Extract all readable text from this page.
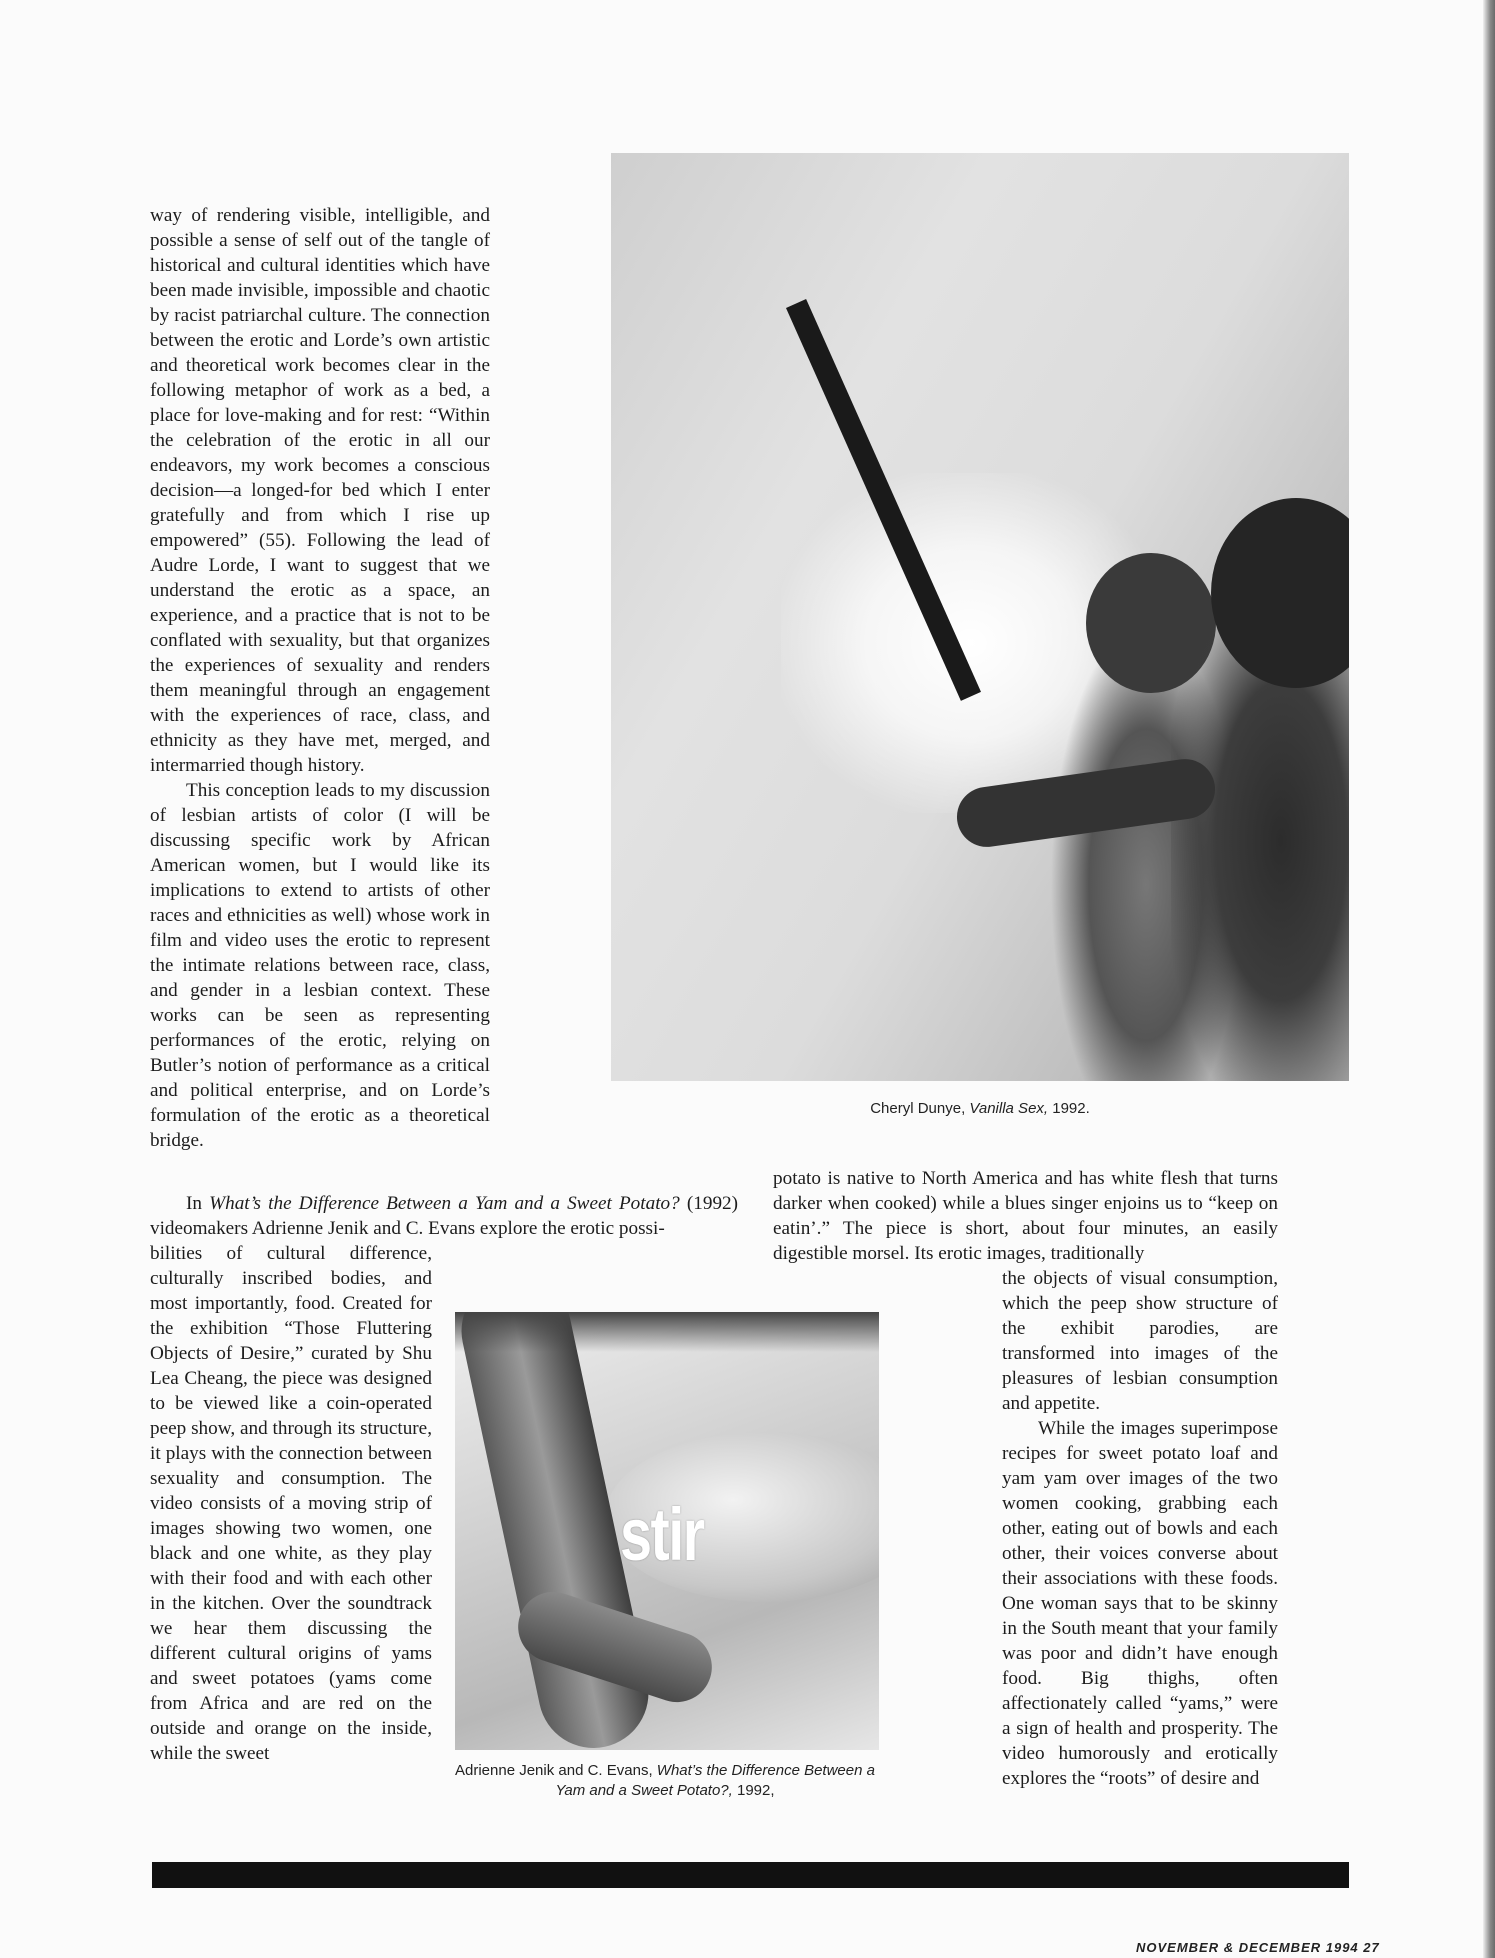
way of rendering visible, intelligible, and possible a sense of self out of the tangle of historical and cultural identities which have been made invisible, impossible and chaotic by racist patriarchal culture. The connection between the erotic and Lorde’s own artistic and theoretical work becomes clear in the following metaphor of work as a bed, a place for love-making and for rest: “Within the celebration of the erotic in all our endeavors, my work becomes a conscious decision—a longed-for bed which I enter gratefully and from which I rise up empowered” (55). Following the lead of Audre Lorde, I want to suggest that we understand the erotic as a space, an experience, and a practice that is not to be conflated with sexuality, but that organizes the experiences of sexuality and renders them meaningful through an engagement with the experiences of race, class, and ethnicity as they have met, merged, and intermarried though history.

This conception leads to my discussion of lesbian artists of color (I will be discussing specific work by African American women, but I would like its implications to extend to artists of other races and ethnicities as well) whose work in film and video uses the erotic to represent the intimate relations between race, class, and gender in a lesbian context. These works can be seen as representing performances of the erotic, relying on Butler’s notion of performance as a critical and political enterprise, and on Lorde’s formulation of the erotic as a theoretical bridge.

In What’s the Difference Between a Yam and a Sweet Potato? (1992) videomakers Adrienne Jenik and C. Evans explore the erotic possi-

bilities of cultural difference, culturally inscribed bodies, and most importantly, food. Created for the exhibition “Those Fluttering Objects of Desire,” curated by Shu Lea Cheang, the piece was designed to be viewed like a coin-operated peep show, and through its structure, it plays with the connection between sexuality and consumption. The video consists of a moving strip of images showing two women, one black and one white, as they play with their food and with each other in the kitchen. Over the soundtrack we hear them discussing the different cultural origins of yams and sweet potatoes (yams come from Africa and are red on the outside and orange on the inside, while the sweet

potato is native to North America and has white flesh that turns darker when cooked) while a blues singer enjoins us to “keep on eatin’.” The piece is short, about four minutes, an easily digestible morsel. Its erotic images, traditionally

the objects of visual consumption, which the peep show structure of the exhibit parodies, are transformed into images of the pleasures of lesbian consumption and appetite.

While the images superimpose recipes for sweet potato loaf and yam yam over images of the two women cooking, grabbing each other, eating out of bowls and each other, their voices converse about their associations with these foods. One woman says that to be skinny in the South meant that your family was poor and didn’t have enough food. Big thighs, often affectionately called “yams,” were a sign of health and prosperity. The video humorously and erotically explores the “roots” of desire and

Cheryl Dunye, Vanilla Sex, 1992.
stir
Adrienne Jenik and C. Evans, What’s the Difference Between a Yam and a Sweet Potato?, 1992,
NOVEMBER & DECEMBER 1994 27
